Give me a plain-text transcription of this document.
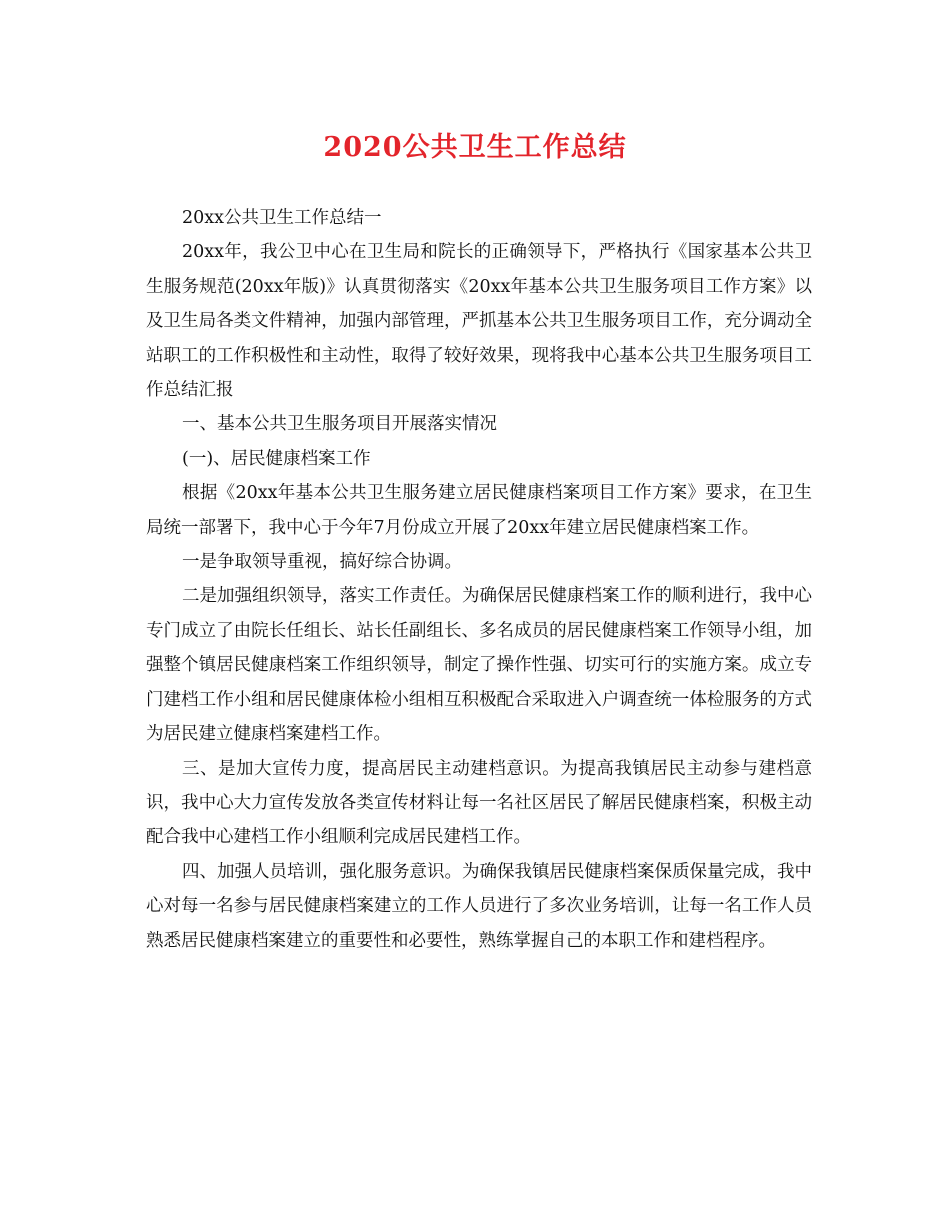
2020公共卫生工作总结

20xx公共卫生工作总结一

20xx年，我公卫中心在卫生局和院长的正确领导下，严格执行《国家基本公共卫生服务规范(20xx年版)》认真贯彻落实《20xx年基本公共卫生服务项目工作方案》以及卫生局各类文件精神，加强内部管理，严抓基本公共卫生服务项目工作，充分调动全站职工的工作积极性和主动性，取得了较好效果，现将我中心基本公共卫生服务项目工作总结汇报

一、基本公共卫生服务项目开展落实情况

(一)、居民健康档案工作

根据《20xx年基本公共卫生服务建立居民健康档案项目工作方案》要求，在卫生局统一部署下，我中心于今年7月份成立开展了20xx年建立居民健康档案工作。

一是争取领导重视，搞好综合协调。

二是加强组织领导，落实工作责任。为确保居民健康档案工作的顺利进行，我中心专门成立了由院长任组长、站长任副组长、多名成员的居民健康档案工作领导小组，加强整个镇居民健康档案工作组织领导，制定了操作性强、切实可行的实施方案。成立专门建档工作小组和居民健康体检小组相互积极配合采取进入户调查统一体检服务的方式为居民建立健康档案建档工作。

三、是加大宣传力度，提高居民主动建档意识。为提高我镇居民主动参与建档意识，我中心大力宣传发放各类宣传材料让每一名社区居民了解居民健康档案，积极主动配合我中心建档工作小组顺利完成居民建档工作。

四、加强人员培训，强化服务意识。为确保我镇居民健康档案保质保量完成，我中心对每一名参与居民健康档案建立的工作人员进行了多次业务培训，让每一名工作人员熟悉居民健康档案建立的重要性和必要性，熟练掌握自己的本职工作和建档程序。
